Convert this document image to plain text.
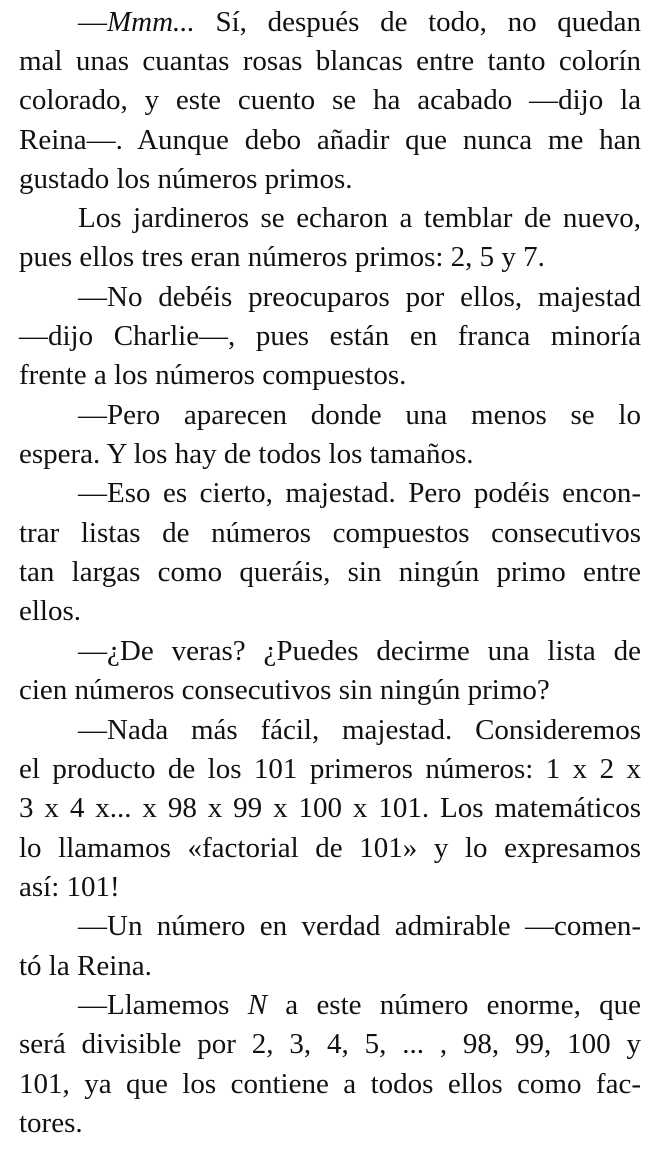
—Mmm... Sí, después de todo, no quedan
mal unas cuantas rosas blancas entre tanto colorín
colorado, y este cuento se ha acabado —dijo la
Reina—. Aunque debo añadir que nunca me han
gustado los números primos.
Los jardineros se echaron a temblar de nuevo,
pues ellos tres eran números primos: 2, 5 y 7.
—No debéis preocuparos por ellos, majestad
—dijo Charlie—, pues están en franca minoría
frente a los números compuestos.
—Pero aparecen donde una menos se lo
espera. Y los hay de todos los tamaños.
—Eso es cierto, majestad. Pero podéis encon-
trar listas de números compuestos consecutivos
tan largas como queráis, sin ningún primo entre
ellos.
—¿De veras? ¿Puedes decirme una lista de
cien números consecutivos sin ningún primo?
—Nada más fácil, majestad. Consideremos
el producto de los 101 primeros números: 1 x 2 x
3 x 4 x... x 98 x 99 x 100 x 101. Los matemáticos
lo llamamos «factorial de 101» y lo expresamos
así: 101!
—Un número en verdad admirable —comen-
tó la Reina.
—Llamemos N a este número enorme, que
será divisible por 2, 3, 4, 5, ... , 98, 99, 100 y
101, ya que los contiene a todos ellos como fac-
tores.
